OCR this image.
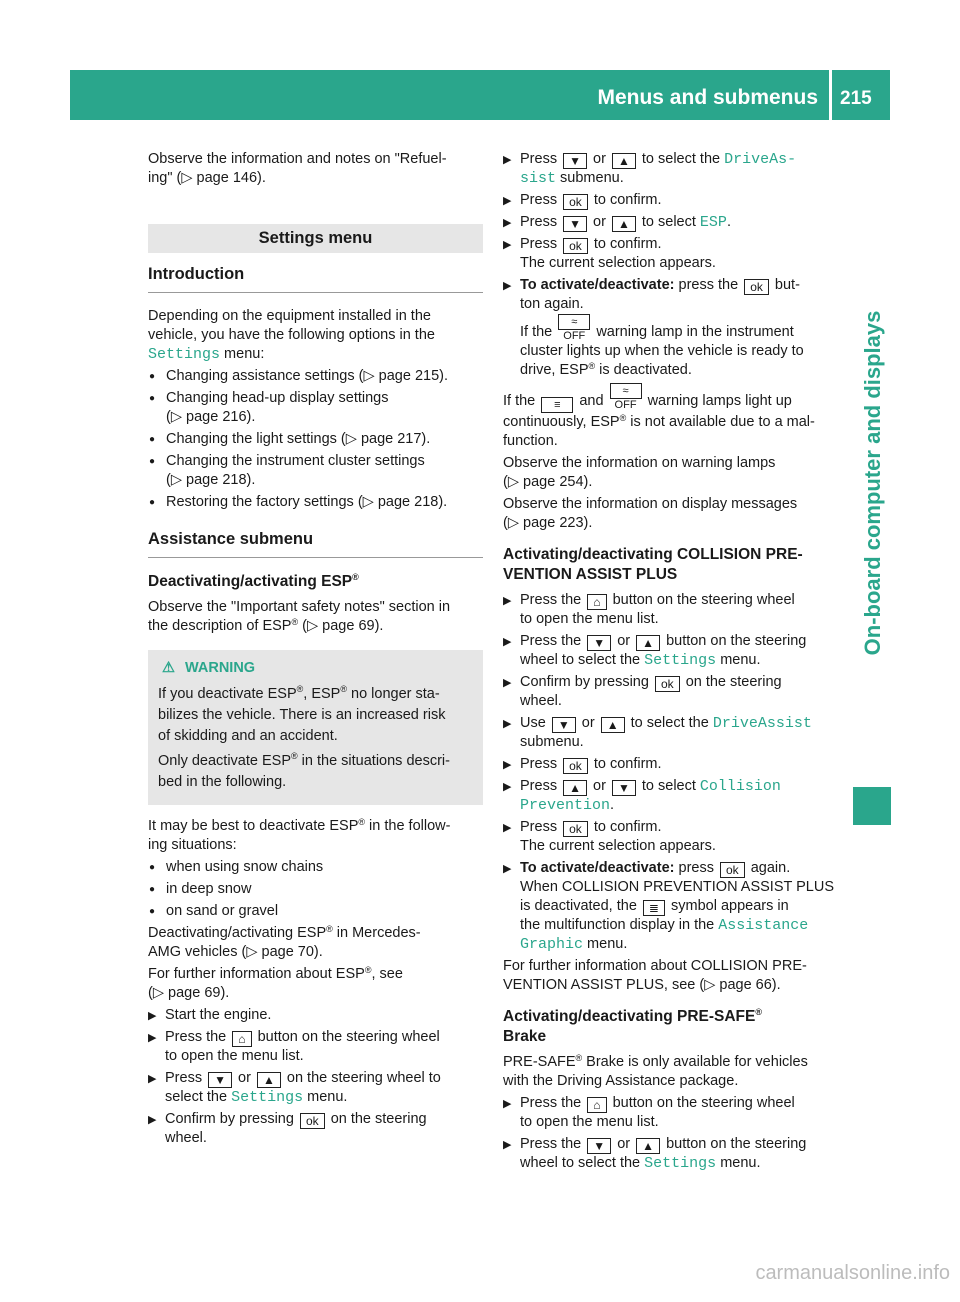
Menus and submenus 215
On-board computer and displays

Observe the information and notes on "Refuel-
ing" (▷ page 146).

Settings menu
Introduction

Depending on the equipment installed in the
vehicle, you have the following options in the
Settings menu:

● Changing assistance settings (▷ page 215).
● Changing head-up display settings
(▷ page 216).
● Changing the light settings (▷ page 217).
● Changing the instrument cluster settings
(▷ page 218).
● Restoring the factory settings (▷ page 218).
Assistance submenu
Deactivating/activating ESP®

Observe the "Important safety notes" section in
the description of ESP® (▷ page 69).

⚠ WARNING

If you deactivate ESP®, ESP® no longer sta-
bilizes the vehicle. There is an increased risk
of skidding and an accident.

Only deactivate ESP® in the situations descri-
bed in the following.

It may be best to deactivate ESP® in the follow-
ing situations:

● when using snow chains
● in deep snow
● on sand or gravel

Deactivating/activating ESP® in Mercedes-
AMG vehicles (▷ page 70).

For further information about ESP®, see
(▷ page 69).

▶ Start the engine.
▶ Press the ⌂ button on the steering wheel
to open the menu list.
▶ Press ▼ or ▲ on the steering wheel to
select the Settings menu.
▶ Confirm by pressing ok on the steering
wheel.
▶ Press ▼ or ▲ to select the DriveAs‐
sist submenu.
▶ Press ok to confirm.
▶ Press ▼ or ▲ to select ESP.
▶ Press ok to confirm.
The current selection appears.
▶ To activate/deactivate: press the ok but-
ton again.
If the ≈ OFF warning lamp in the instrument
cluster lights up when the vehicle is ready to
drive, ESP® is deactivated.

If the ≡ and ≈ OFF warning lamps light up
continuously, ESP® is not available due to a mal-
function.

Observe the information on warning lamps
(▷ page 254).

Observe the information on display messages
(▷ page 223).

Activating/deactivating COLLISION PRE-
VENTION ASSIST PLUS
▶ Press the ⌂ button on the steering wheel
to open the menu list.
▶ Press the ▼ or ▲ button on the steering
wheel to select the Settings menu.
▶ Confirm by pressing ok on the steering
wheel.
▶ Use ▼ or ▲ to select the DriveAssist
submenu.
▶ Press ok to confirm.
▶ Press ▲ or ▼ to select Collision
Prevention.
▶ Press ok to confirm.
The current selection appears.
▶ To activate/deactivate: press ok again.
When COLLISION PREVENTION ASSIST PLUS
is deactivated, the ≣ symbol appears in
the multifunction display in the Assistance
Graphic menu.

For further information about COLLISION PRE-
VENTION ASSIST PLUS, see (▷ page 66).

Activating/deactivating PRE-SAFE®
Brake

PRE-SAFE® Brake is only available for vehicles
with the Driving Assistance package.

▶ Press the ⌂ button on the steering wheel
to open the menu list.
▶ Press the ▼ or ▲ button on the steering
wheel to select the Settings menu.
carmanualsonline.info
